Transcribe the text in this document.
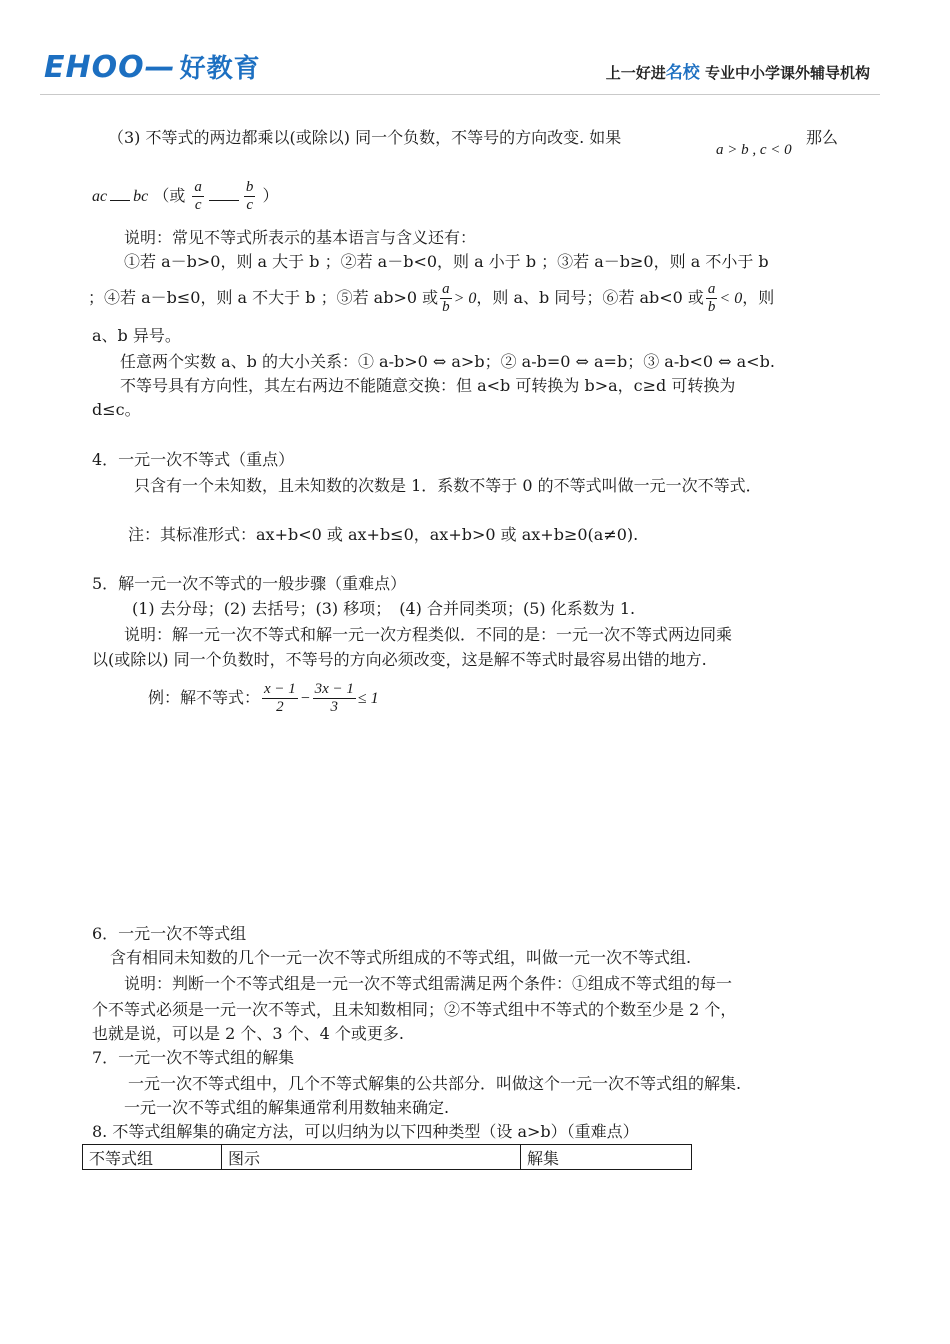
EHOO— 好教育	上一好进名校 专业中小学课外辅导机构
（3) 不等式的两边都乘以(或除以) 同一个负数，不等号的方向改变. 如果
a > b , c < 0
那么
ac bc （或 $\frac{a}{c}$	$\frac{b}{c}$ ）
说明：常见不等式所表示的基本语言与含义还有：
①若 a－b>0，则 a 大于 b ；②若 a－b<0，则 a 小于 b ；③若 a－b≥0，则 a 不小于 b
；④若 a－b≤0，则 a 不大于 b ；⑤若 ab>0 或 $\frac{a}{b} > 0$，则 a、b 同号；⑥若 ab<0 或 $\frac{a}{b} < 0$，则
a、b 异号。
任意两个实数 a、b 的大小关系：① a-b>0 ⇔ a>b；② a-b=0 ⇔ a=b；③ a-b<0 ⇔ a<b.
不等号具有方向性，其左右两边不能随意交换：但 a<b 可转换为 b>a，c≥d 可转换为
d≤c。
4．一元一次不等式（重点）
只含有一个未知数，且未知数的次数是 1．系数不等于 0 的不等式叫做一元一次不等式．
注：其标准形式：ax+b<0 或 ax+b≤0，ax+b>0 或 ax+b≥0(a≠0).
5．解一元一次不等式的一般步骤（重难点）
(1) 去分母；(2) 去括号；(3) 移项；　(4) 合并同类项；(5) 化系数为 1.
说明：解一元一次不等式和解一元一次方程类似．不同的是：一元一次不等式两边同乘
以(或除以) 同一个负数时，不等号的方向必须改变，这是解不等式时最容易出错的地方.
例：解不等式： $\frac{x - 1}{2} - \frac{3x - 1}{3} \le 1$
6．一元一次不等式组
含有相同未知数的几个一元一次不等式所组成的不等式组，叫做一元一次不等式组.
说明：判断一个不等式组是一元一次不等式组需满足两个条件：①组成不等式组的每一
个不等式必须是一元一次不等式，且未知数相同；②不等式组中不等式的个数至少是 2 个，
也就是说，可以是 2 个、3 个、4 个或更多.
7．一元一次不等式组的解集
一元一次不等式组中，几个不等式解集的公共部分．叫做这个一元一次不等式组的解集.
一元一次不等式组的解集通常利用数轴来确定.
8. 不等式组解集的确定方法，可以归纳为以下四种类型（设 a>b）（重难点）
不等式组	图示	解集
